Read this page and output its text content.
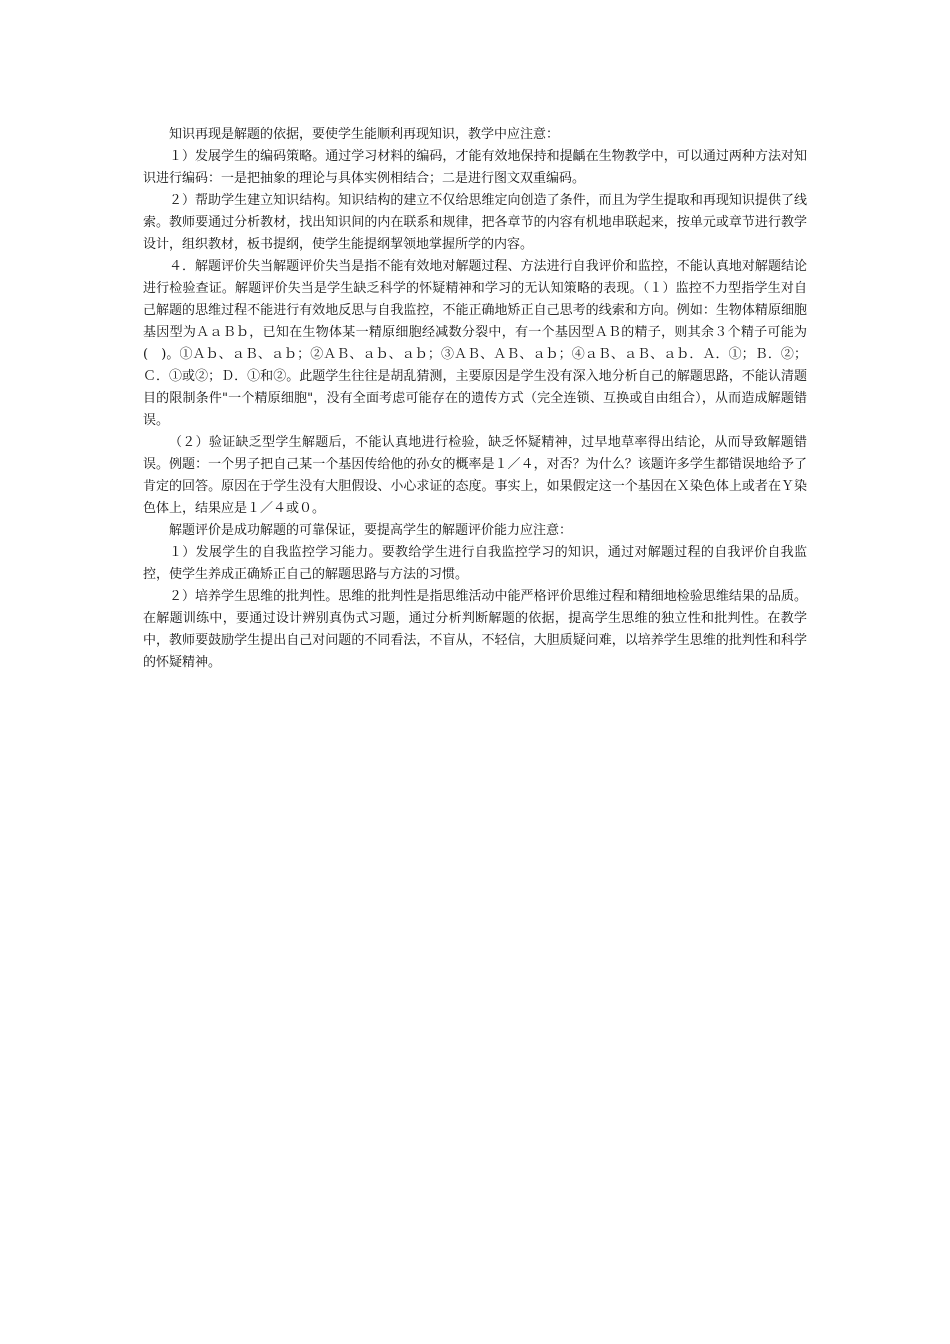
知识再现是解题的依据，要使学生能顺利再现知识，教学中应注意：

１）发展学生的编码策略。通过学习材料的编码，才能有效地保持和提齲在生物教学中，可以通过两种方法对知识进行编码：一是把抽象的理论与具体实例相结合；二是进行图文双重编码。

２）帮助学生建立知识结构。知识结构的建立不仅给思维定向创造了条件，而且为学生提取和再现知识提供了线索。教师要通过分析教材，找出知识间的内在联系和规律，把各章节的内容有机地串联起来，按单元或章节进行教学设计，组织教材，板书提纲，使学生能提纲挈领地掌握所学的内容。

４．解题评价失当解题评价失当是指不能有效地对解题过程、方法进行自我评价和监控，不能认真地对解题结论进行检验查证。解题评价失当是学生缺乏科学的怀疑精神和学习的无认知策略的表现。（１）监控不力型指学生对自己解题的思维过程不能进行有效地反思与自我监控，不能正确地矫正自己思考的线索和方向。例如：生物体精原细胞基因型为ＡａＢｂ，已知在生物体某一精原细胞经减数分裂中，有一个基因型ＡＢ的精子，则其余３个精子可能为(　)。①Ａｂ、ａＢ、ａｂ；②ＡＢ、ａｂ、ａｂ；③ＡＢ、ＡＢ、ａｂ；④ａＢ、ａＢ、ａｂ．Ａ．①；Ｂ．②；Ｃ．①或②；Ｄ．①和②。此题学生往往是胡乱猜测，主要原因是学生没有深入地分析自己的解题思路，不能认清题目的限制条件"一个精原细胞"，没有全面考虑可能存在的遗传方式（完全连锁、互换或自由组合），从而造成解题错误。

（２）验证缺乏型学生解题后，不能认真地进行检验，缺乏怀疑精神，过早地草率得出结论，从而导致解题错误。例题：一个男子把自己某一个基因传给他的孙女的概率是１／４，对否？为什么？该题许多学生都错误地给予了肯定的回答。原因在于学生没有大胆假设、小心求证的态度。事实上，如果假定这一个基因在Ｘ染色体上或者在Ｙ染色体上，结果应是１／４或０。

解题评价是成功解题的可靠保证，要提高学生的解题评价能力应注意：

１）发展学生的自我监控学习能力。要教给学生进行自我监控学习的知识，通过对解题过程的自我评价自我监控，使学生养成正确矫正自己的解题思路与方法的习惯。

２）培养学生思维的批判性。思维的批判性是指思维活动中能严格评价思维过程和精细地检验思维结果的品质。在解题训练中，要通过设计辨别真伪式习题，通过分析判断解题的依据，提高学生思维的独立性和批判性。在教学中，教师要鼓励学生提出自己对问题的不同看法，不盲从，不轻信，大胆质疑问难，以培养学生思维的批判性和科学的怀疑精神。
